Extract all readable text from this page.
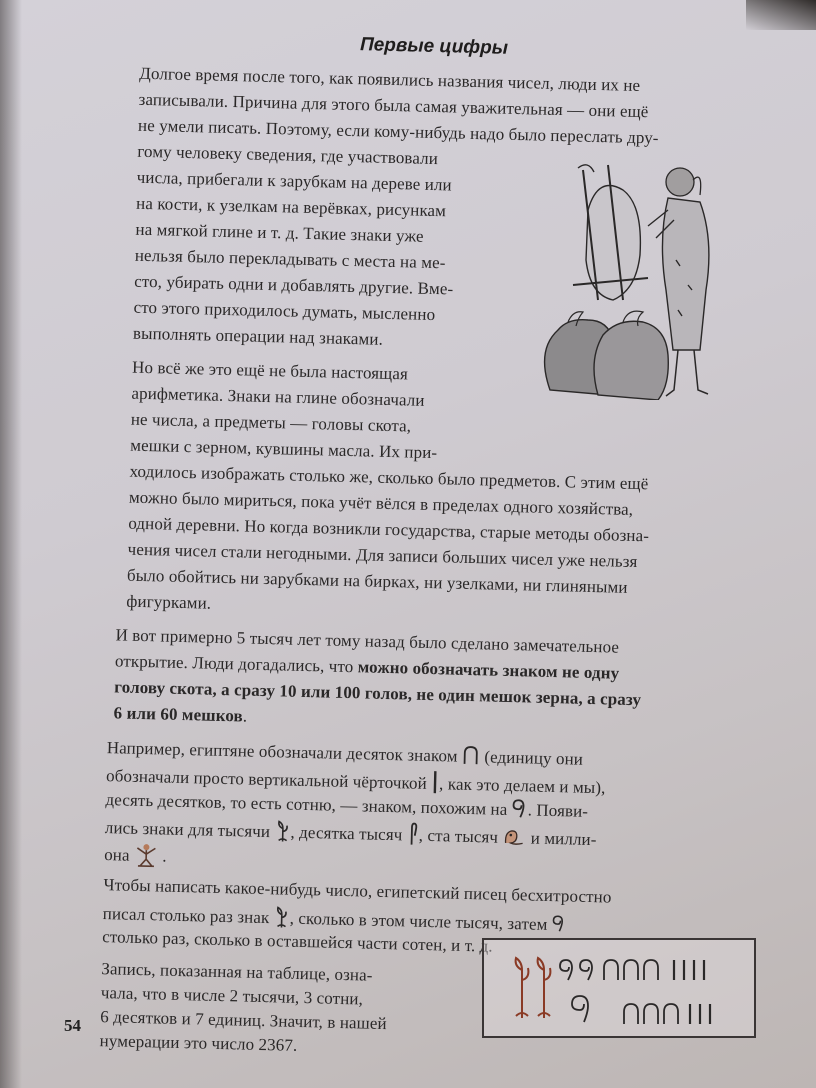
Первые цифры
Долгое время после того, как появились названия чисел, люди их не
записывали. Причина для этого была самая уважительная — они ещё
не умели писать. Поэтому, если кому-нибудь надо было переслать дру-
гому человеку сведения, где участвовали
числа, прибегали к зарубкам на дереве или
на кости, к узелкам на верёвках, рисункам
на мягкой глине и т. д. Такие знаки уже
нельзя было перекладывать с места на ме-
сто, убирать одни и добавлять другие. Вме-
сто этого приходилось думать, мысленно
выполнять операции над знаками.
Но всё же это ещё не была настоящая
арифметика. Знаки на глине обозначали
не числа, а предметы — головы скота,
мешки с зерном, кувшины масла. Их при-
ходилось изображать столько же, сколько было предметов. С этим ещё
можно было мириться, пока учёт вёлся в пределах одного хозяйства,
одной деревни. Но когда возникли государства, старые методы обозна-
чения чисел стали негодными. Для записи больших чисел уже нельзя
было обойтись ни зарубками на бирках, ни узелками, ни глиняными
фигурками.
И вот примерно 5 тысяч лет тому назад было сделано замечательное
открытие. Люди догадались, что можно обозначать знаком не одну
голову скота, а сразу 10 или 100 голов, не один мешок зерна, а сразу
6 или 60 мешков.
Например, египтяне обозначали десяток знаком (единицу они
обозначали просто вертикальной чёрточкой , как это делаем и мы),
десять десятков, то есть сотню, — знаком, похожим на . Появи-
лись знаки для тысячи , десятка тысяч , ста тысяч и милли-
она .
Чтобы написать какое-нибудь число, египетский писец бесхитростно
писал столько раз знак , сколько в этом числе тысяч, затем
столько раз, сколько в оставшейся части сотен, и т. д.
Запись, показанная на таблице, озна-
чала, что в числе 2 тысячи, 3 сотни,
6 десятков и 7 единиц. Значит, в нашей
нумерации это число 2367.
54
